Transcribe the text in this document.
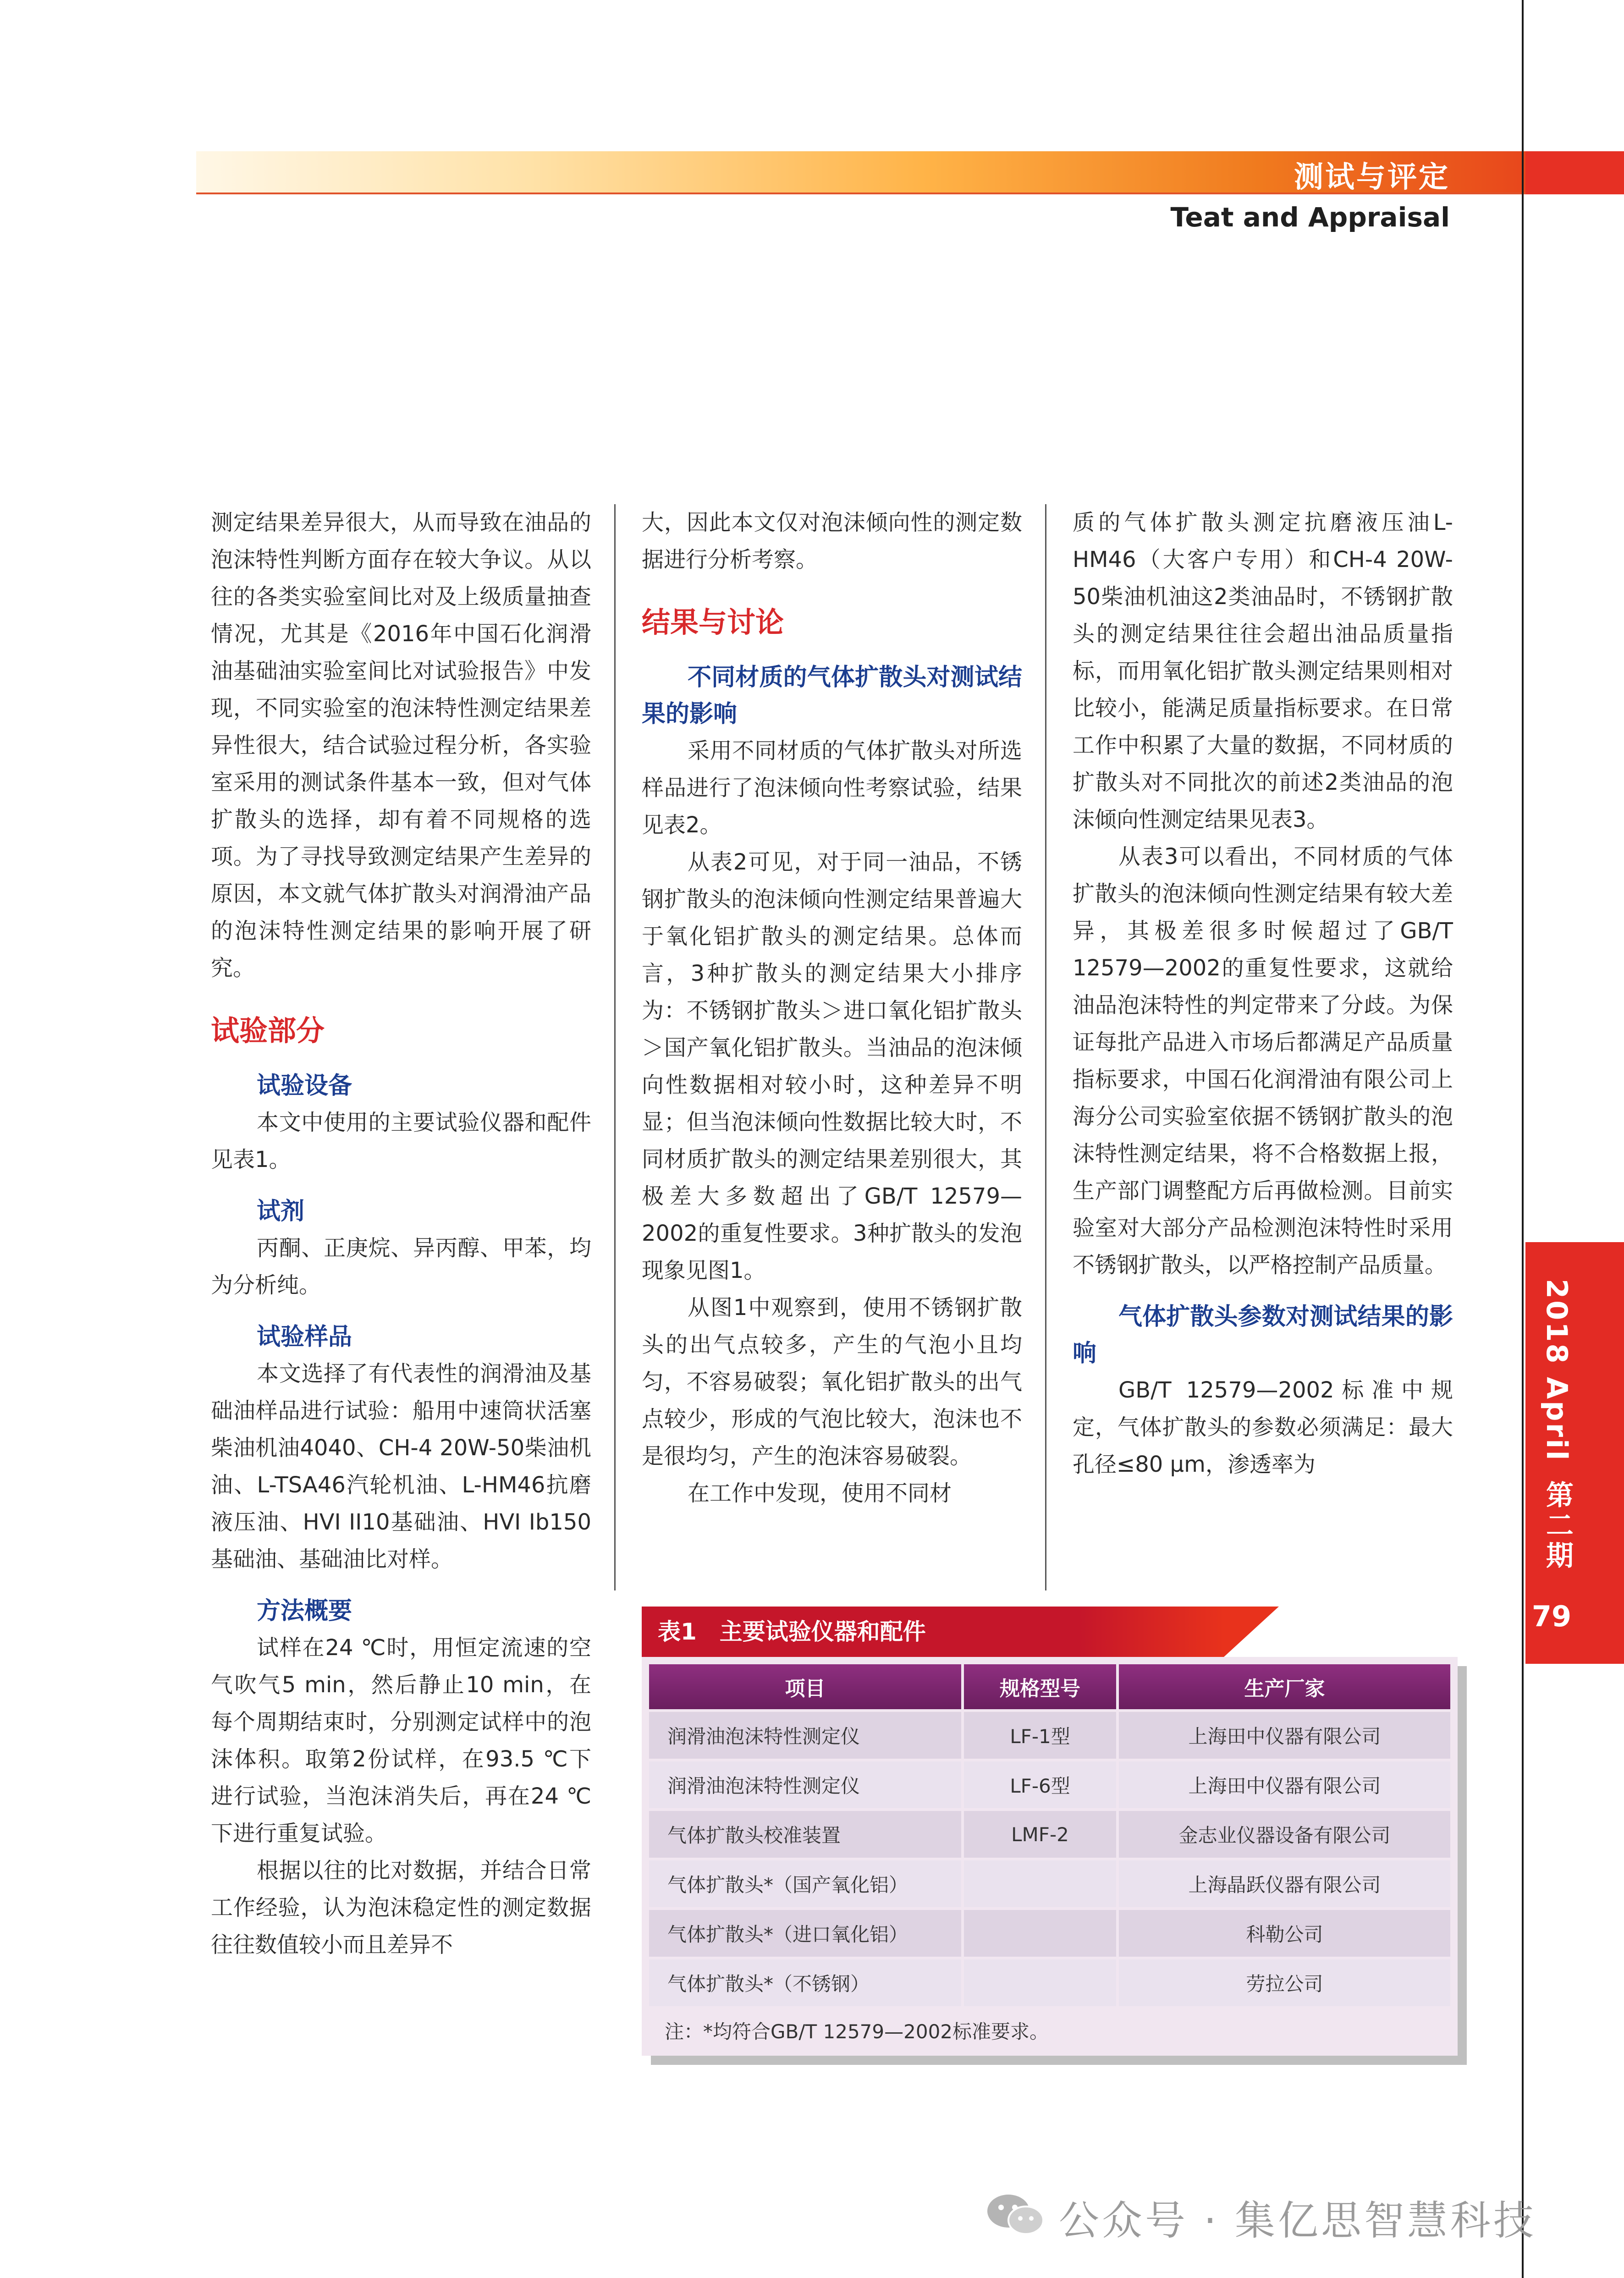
测试与评定
Teat and Appraisal
2018 April
第二期
79

测定结果差异很大，从而导致在油品的泡沫特性判断方面存在较大争议。从以往的各类实验室间比对及上级质量抽查情况，尤其是《2016年中国石化润滑油基础油实验室间比对试验报告》中发现，不同实验室的泡沫特性测定结果差异性很大，结合试验过程分析，各实验室采用的测试条件基本一致，但对气体扩散头的选择，却有着不同规格的选项。为了寻找导致测定结果产生差异的原因，本文就气体扩散头对润滑油产品的泡沫特性测定结果的影响开展了研究。

试验部分
试验设备

本文中使用的主要试验仪器和配件见表1。

试剂

丙酮、正庚烷、异丙醇、甲苯，均为分析纯。

试验样品

本文选择了有代表性的润滑油及基础油样品进行试验：船用中速筒状活塞柴油机油4040、CH-4 20W-50柴油机油、L-TSA46汽轮机油、L-HM46抗磨液压油、HVI II10基础油、HVI Ib150基础油、基础油比对样。

方法概要

试样在24 ℃时，用恒定流速的空气吹气5 min，然后静止10 min，在每个周期结束时，分别测定试样中的泡沫体积。取第2份试样，在93.5 ℃下进行试验，当泡沫消失后，再在24 ℃下进行重复试验。

根据以往的比对数据，并结合日常工作经验，认为泡沫稳定性的测定数据往往数值较小而且差异不

大，因此本文仅对泡沫倾向性的测定数据进行分析考察。

结果与讨论
不同材质的气体扩散头对测试结果的影响

采用不同材质的气体扩散头对所选样品进行了泡沫倾向性考察试验，结果见表2。

从表2可见，对于同一油品，不锈钢扩散头的泡沫倾向性测定结果普遍大于氧化铝扩散头的测定结果。总体而言，3种扩散头的测定结果大小排序为：不锈钢扩散头＞进口氧化铝扩散头＞国产氧化铝扩散头。当油品的泡沫倾向性数据相对较小时，这种差异不明显；但当泡沫倾向性数据比较大时，不同材质扩散头的测定结果差别很大，其极差大多数超出了GB/T 12579—2002的重复性要求。3种扩散头的发泡现象见图1。

从图1中观察到，使用不锈钢扩散头的出气点较多，产生的气泡小且均匀，不容易破裂；氧化铝扩散头的出气点较少，形成的气泡比较大，泡沫也不是很均匀，产生的泡沫容易破裂。

在工作中发现，使用不同材

质的气体扩散头测定抗磨液压油L-HM46（大客户专用）和CH-4 20W-50柴油机油这2类油品时，不锈钢扩散头的测定结果往往会超出油品质量指标，而用氧化铝扩散头测定结果则相对比较小，能满足质量指标要求。在日常工作中积累了大量的数据，不同材质的扩散头对不同批次的前述2类油品的泡沫倾向性测定结果见表3。

从表3可以看出，不同材质的气体扩散头的泡沫倾向性测定结果有较大差异，其极差很多时候超过了GB/T 12579—2002的重复性要求，这就给油品泡沫特性的判定带来了分歧。为保证每批产品进入市场后都满足产品质量指标要求，中国石化润滑油有限公司上海分公司实验室依据不锈钢扩散头的泡沫特性测定结果，将不合格数据上报，生产部门调整配方后再做检测。目前实验室对大部分产品检测泡沫特性时采用不锈钢扩散头，以严格控制产品质量。

气体扩散头参数对测试结果的影响

GB/T 12579—2002标准中规定，气体扩散头的参数必须满足：最大孔径≤80 μm，渗透率为

表1　主要试验仪器和配件
项目	规格型号	生产厂家
润滑油泡沫特性测定仪	LF-1型	上海田中仪器有限公司
润滑油泡沫特性测定仪	LF-6型	上海田中仪器有限公司
气体扩散头校准装置	LMF-2	金志业仪器设备有限公司
气体扩散头*（国产氧化铝）		上海晶跃仪器有限公司
气体扩散头*（进口氧化铝）		科勒公司
气体扩散头*（不锈钢）		劳拉公司
注：*均符合GB/T 12579—2002标准要求。
公众号 · 集亿思智慧科技
